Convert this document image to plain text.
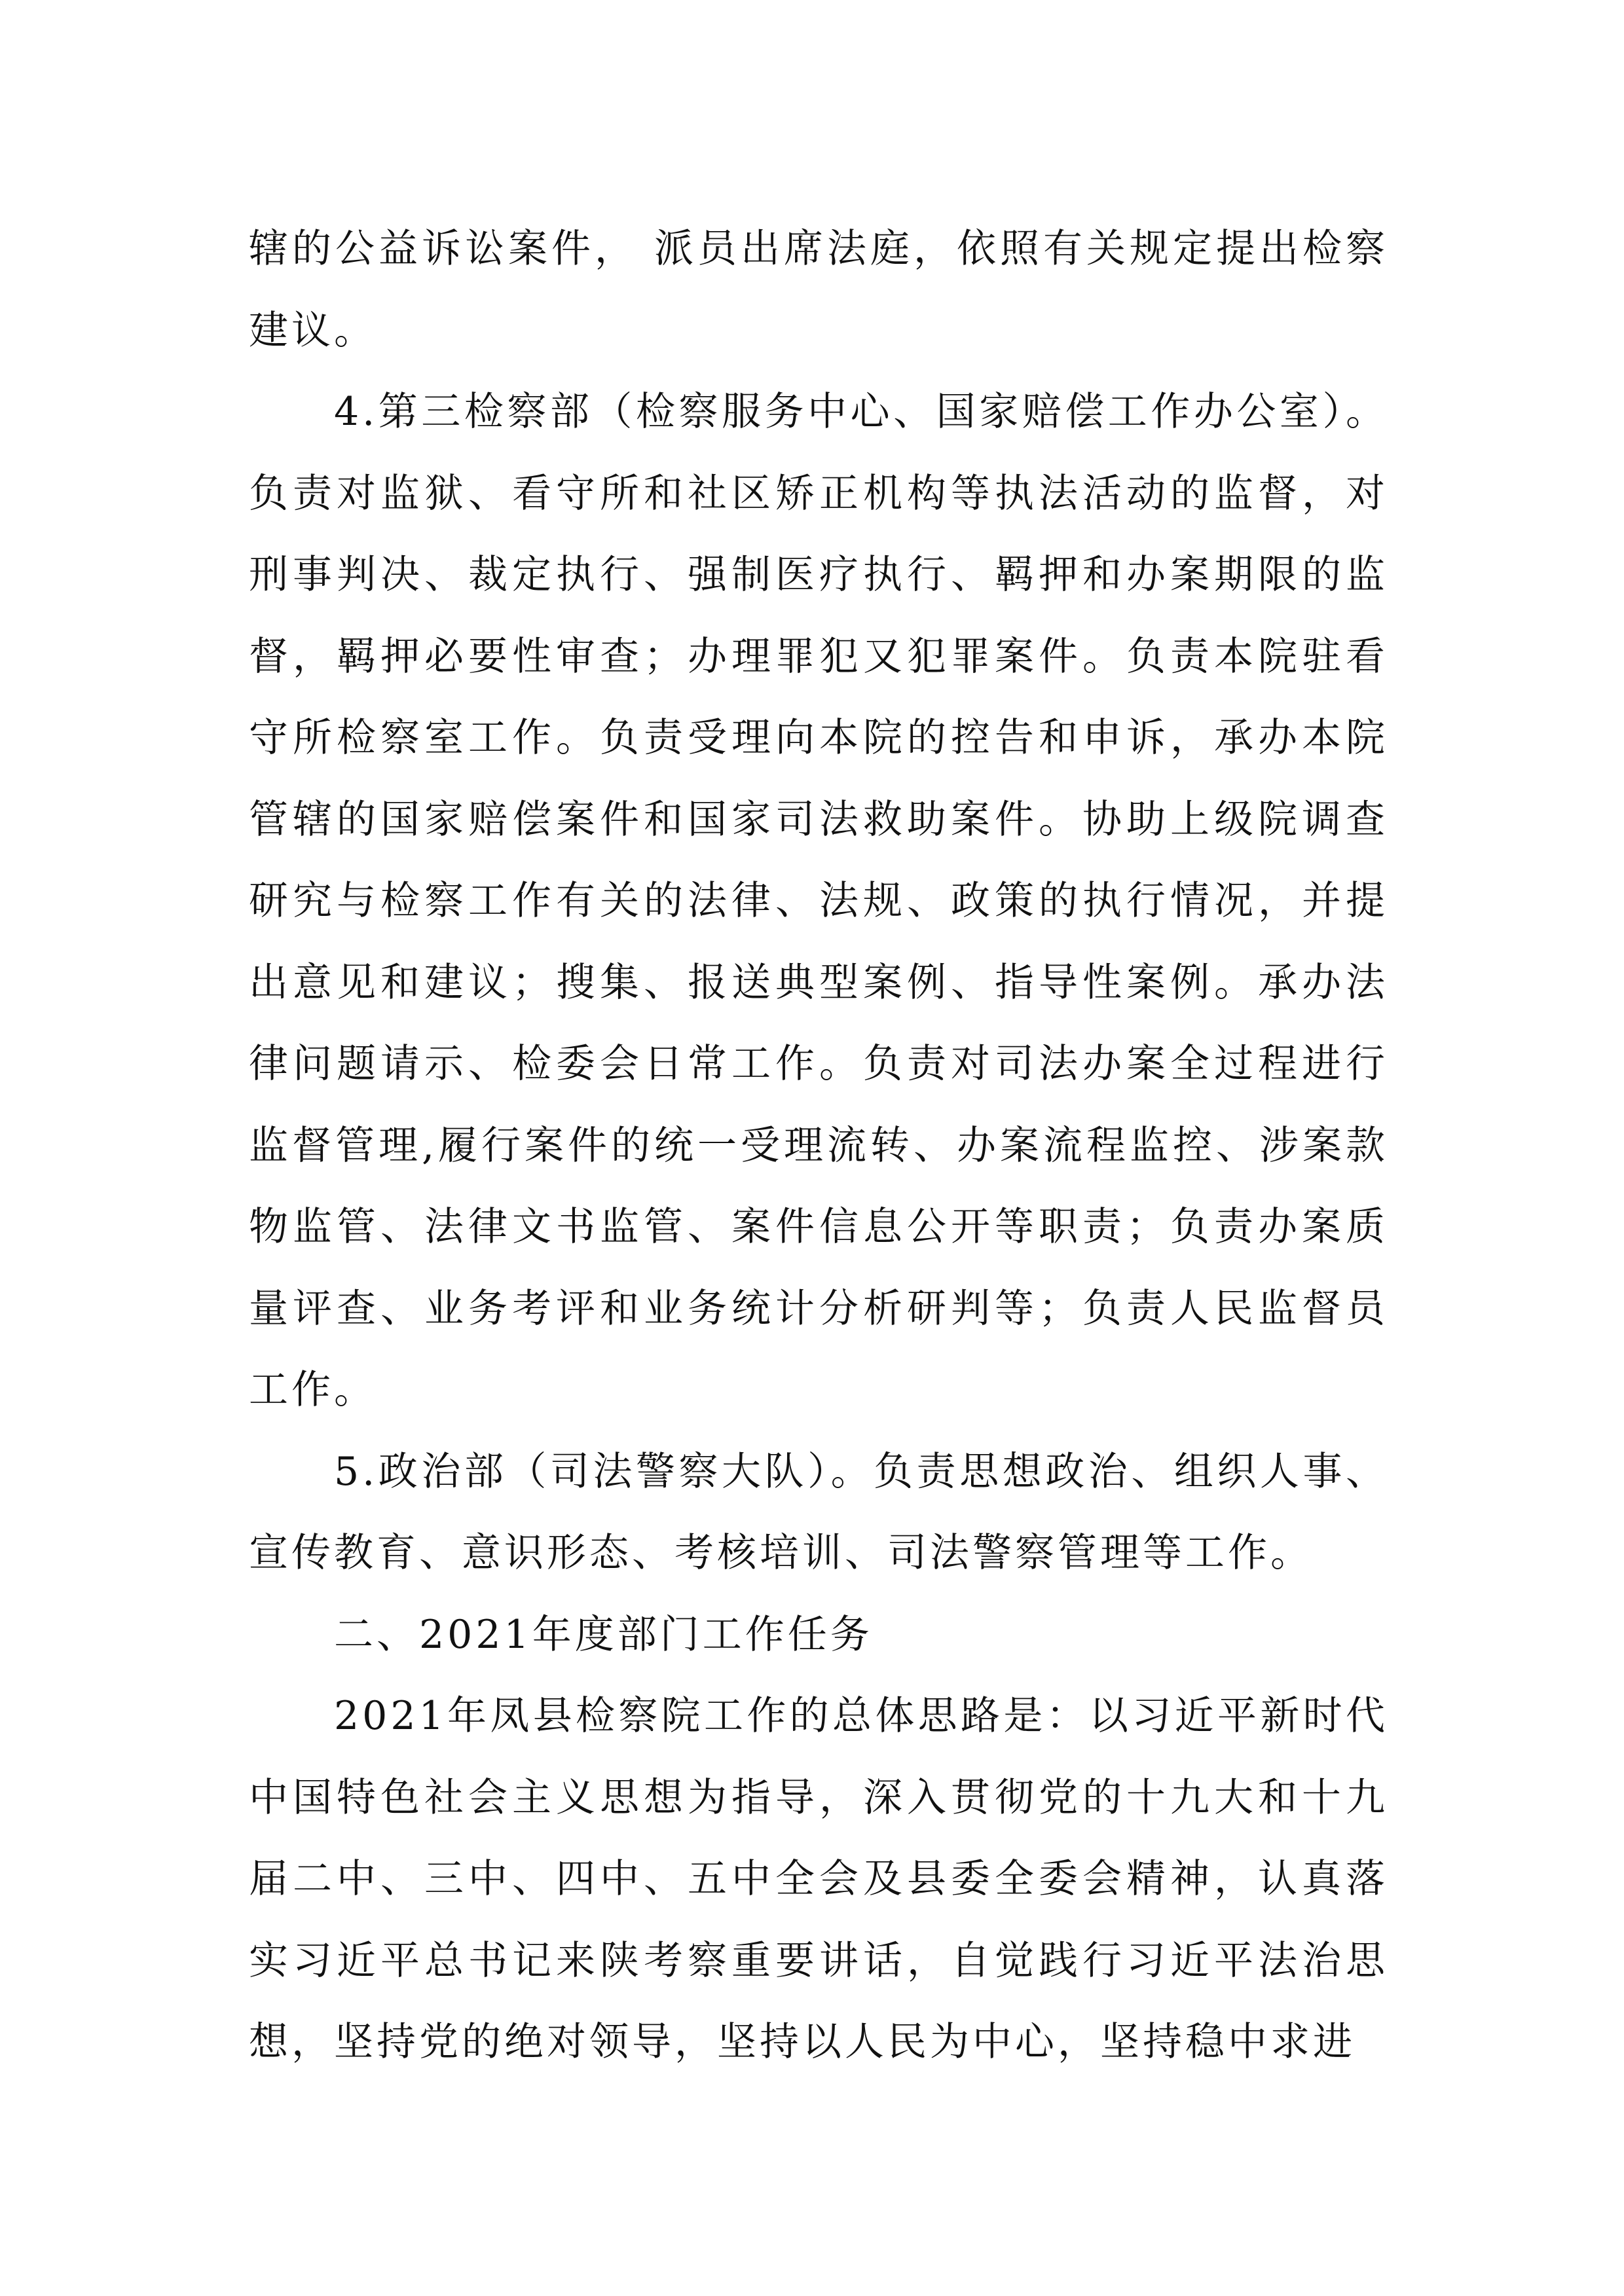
辖的公益诉讼案件， 派员出席法庭，依照有关规定提出检察建议。

4.第三检察部（检察服务中心、国家赔偿工作办公室）。负责对监狱、看守所和社区矫正机构等执法活动的监督，对刑事判决、裁定执行、强制医疗执行、羁押和办案期限的监督，羁押必要性审查；办理罪犯又犯罪案件。负责本院驻看守所检察室工作。负责受理向本院的控告和申诉，承办本院管辖的国家赔偿案件和国家司法救助案件。协助上级院调查研究与检察工作有关的法律、法规、政策的执行情况，并提出意见和建议；搜集、报送典型案例、指导性案例。承办法律问题请示、检委会日常工作。负责对司法办案全过程进行监督管理,履行案件的统一受理流转、办案流程监控、涉案款物监管、法律文书监管、案件信息公开等职责；负责办案质量评查、业务考评和业务统计分析研判等；负责人民监督员工作。

5.政治部（司法警察大队）。负责思想政治、组织人事、宣传教育、意识形态、考核培训、司法警察管理等工作。

二、2021年度部门工作任务

2021年凤县检察院工作的总体思路是：以习近平新时代中国特色社会主义思想为指导，深入贯彻党的十九大和十九届二中、三中、四中、五中全会及县委全委会精神，认真落实习近平总书记来陕考察重要讲话，自觉践行习近平法治思想，坚持党的绝对领导，坚持以人民为中心，坚持稳中求进
